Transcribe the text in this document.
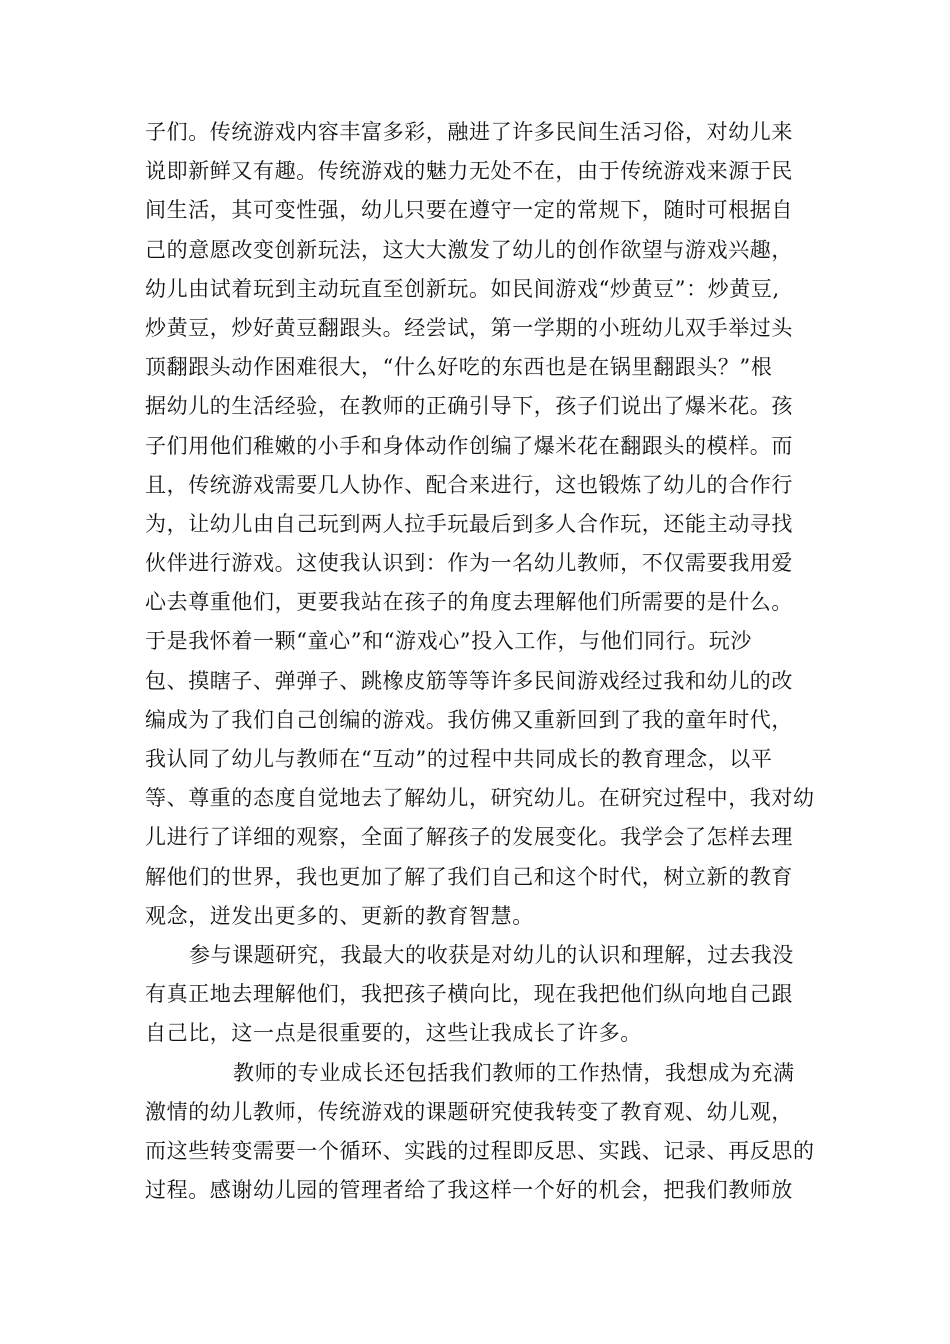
子们。传统游戏内容丰富多彩，融进了许多民间生活习俗，对幼儿来
说即新鲜又有趣。传统游戏的魅力无处不在，由于传统游戏来源于民
间生活，其可变性强，幼儿只要在遵守一定的常规下，随时可根据自
己的意愿改变创新玩法，这大大激发了幼儿的创作欲望与游戏兴趣，
幼儿由试着玩到主动玩直至创新玩。如民间游戏“炒黄豆”：炒黄豆,
炒黄豆，炒好黄豆翻跟头。经尝试，第一学期的小班幼儿双手举过头
顶翻跟头动作困难很大，“什么好吃的东西也是在锅里翻跟头？”根
据幼儿的生活经验，在教师的正确引导下，孩子们说出了爆米花。孩
子们用他们稚嫩的小手和身体动作创编了爆米花在翻跟头的模样。而
且，传统游戏需要几人协作、配合来进行，这也锻炼了幼儿的合作行
为，让幼儿由自己玩到两人拉手玩最后到多人合作玩，还能主动寻找
伙伴进行游戏。这使我认识到：作为一名幼儿教师，不仅需要我用爱
心去尊重他们，更要我站在孩子的角度去理解他们所需要的是什么。
于是我怀着一颗“童心”和“游戏心”投入工作，与他们同行。玩沙
包、摸瞎子、弹弹子、跳橡皮筋等等许多民间游戏经过我和幼儿的改
编成为了我们自己创编的游戏。我仿佛又重新回到了我的童年时代，
我认同了幼儿与教师在“互动”的过程中共同成长的教育理念，以平
等、尊重的态度自觉地去了解幼儿，研究幼儿。在研究过程中，我对幼
儿进行了详细的观察，全面了解孩子的发展变化。我学会了怎样去理
解他们的世界，我也更加了解了我们自己和这个时代，树立新的教育
观念，迸发出更多的、更新的教育智慧。
参与课题研究，我最大的收获是对幼儿的认识和理解，过去我没
有真正地去理解他们，我把孩子横向比，现在我把他们纵向地自己跟
自己比，这一点是很重要的，这些让我成长了许多。
教师的专业成长还包括我们教师的工作热情，我想成为充满
激情的幼儿教师，传统游戏的课题研究使我转变了教育观、幼儿观，
而这些转变需要一个循环、实践的过程即反思、实践、记录、再反思的
过程。感谢幼儿园的管理者给了我这样一个好的机会，把我们教师放
